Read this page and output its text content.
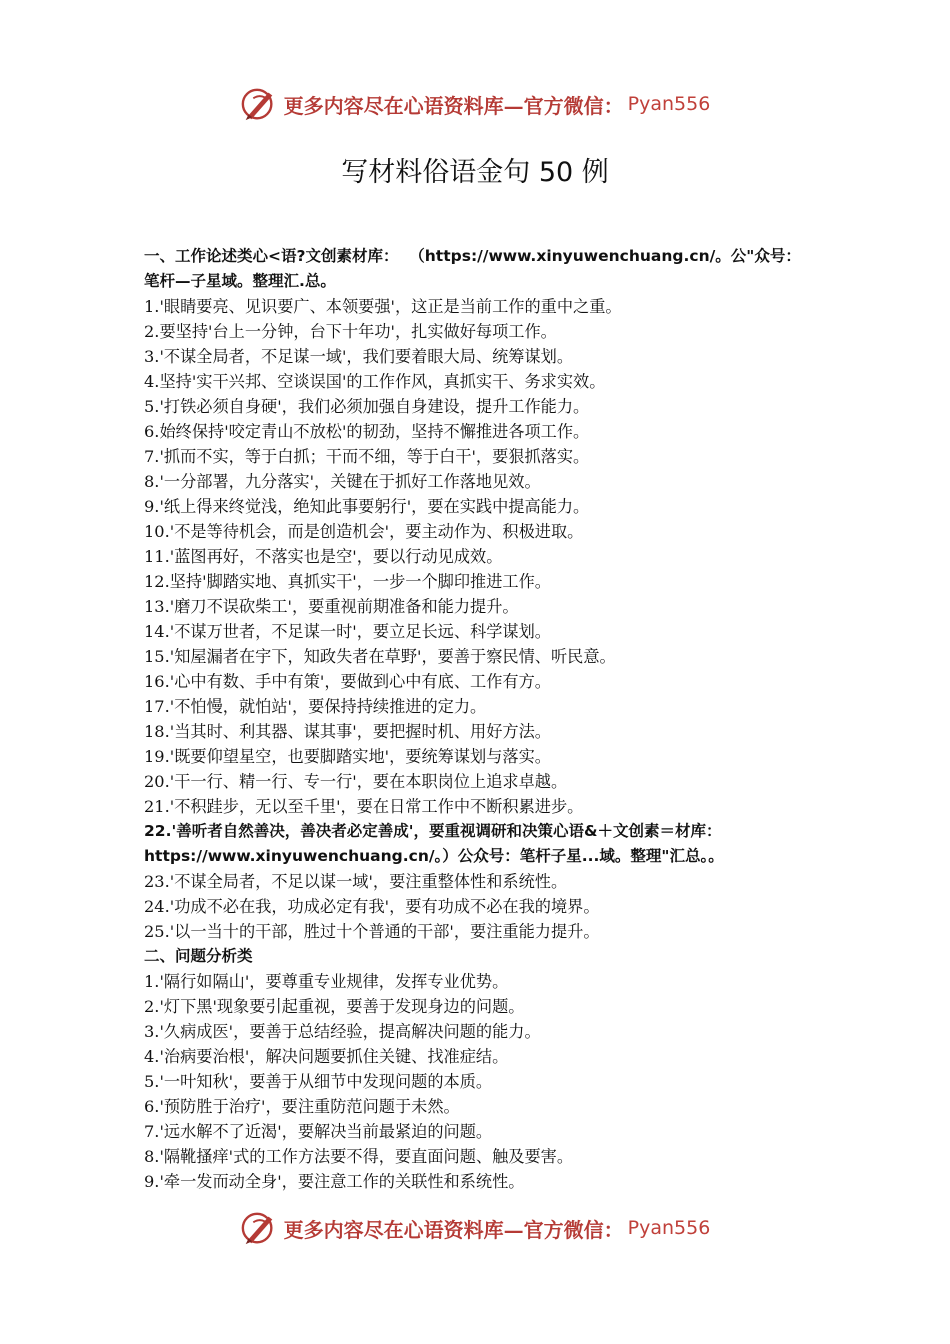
更多内容尽在心语资料库—官方微信： Pyan556
写材料俗语金句 50 例
一、工作论述类心<语?文创素材库：  （https://www.xinyuwenchuang.cn/。公"众号：
笔杆—子星域。整理汇.总。
1.'眼睛要亮、见识要广、本领要强'，这正是当前工作的重中之重。
2.要坚持'台上一分钟，台下十年功'，扎实做好每项工作。
3.'不谋全局者，不足谋一域'，我们要着眼大局、统筹谋划。
4.坚持'实干兴邦、空谈误国'的工作作风，真抓实干、务求实效。
5.'打铁必须自身硬'，我们必须加强自身建设，提升工作能力。
6.始终保持'咬定青山不放松'的韧劲，坚持不懈推进各项工作。
7.'抓而不实，等于白抓；干而不细，等于白干'，要狠抓落实。
8.'一分部署，九分落实'，关键在于抓好工作落地见效。
9.'纸上得来终觉浅，绝知此事要躬行'，要在实践中提高能力。
10.'不是等待机会，而是创造机会'，要主动作为、积极进取。
11.'蓝图再好，不落实也是空'，要以行动见成效。
12.坚持'脚踏实地、真抓实干'，一步一个脚印推进工作。
13.'磨刀不误砍柴工'，要重视前期准备和能力提升。
14.'不谋万世者，不足谋一时'，要立足长远、科学谋划。
15.'知屋漏者在宇下，知政失者在草野'，要善于察民情、听民意。
16.'心中有数、手中有策'，要做到心中有底、工作有方。
17.'不怕慢，就怕站'，要保持持续推进的定力。
18.'当其时、利其器、谋其事'，要把握时机、用好方法。
19.'既要仰望星空，也要脚踏实地'，要统筹谋划与落实。
20.'干一行、精一行、专一行'，要在本职岗位上追求卓越。
21.'不积跬步，无以至千里'，要在日常工作中不断积累进步。
22.'善听者自然善决，善决者必定善成'，要重视调研和决策心语&＋文创素＝材库：
https://www.xinyuwenchuang.cn/。）公众号：笔杆子星...域。整理"汇总。。
23.'不谋全局者，不足以谋一域'，要注重整体性和系统性。
24.'功成不必在我，功成必定有我'，要有功成不必在我的境界。
25.'以一当十的干部，胜过十个普通的干部'，要注重能力提升。
二、问题分析类
1.'隔行如隔山'，要尊重专业规律，发挥专业优势。
2.'灯下黑'现象要引起重视，要善于发现身边的问题。
3.'久病成医'，要善于总结经验，提高解决问题的能力。
4.'治病要治根'，解决问题要抓住关键、找准症结。
5.'一叶知秋'，要善于从细节中发现问题的本质。
6.'预防胜于治疗'，要注重防范问题于未然。
7.'远水解不了近渴'，要解决当前最紧迫的问题。
8.'隔靴搔痒'式的工作方法要不得，要直面问题、触及要害。
9.'牵一发而动全身'，要注意工作的关联性和系统性。
更多内容尽在心语资料库—官方微信： Pyan556
